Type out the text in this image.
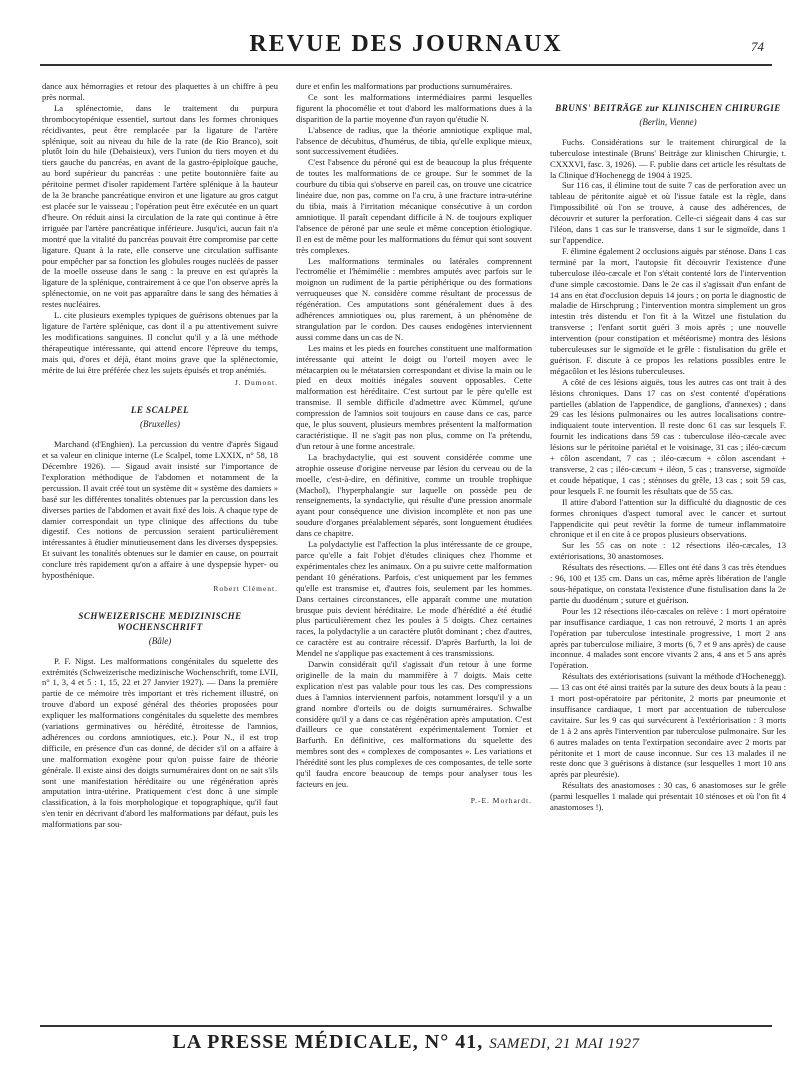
REVUE DES JOURNAUX	74

dance aux hémorragies et retour des plaquettes à un chiffre à peu près normal.

La splénectomie, dans le traitement du purpura thrombocytopénique essentiel, surtout dans les formes chroniques récidivantes, peut être remplacée par la ligature de l'artère splénique, soit au niveau du hile de la rate (de Rio Branco), soit plutôt loin du hile (Debaisieux), vers l'union du tiers moyen et du tiers gauche du pancréas, en avant de la gastro-épiploïque gauche, au bord supérieur du pancréas : une petite boutonnière faite au péritoine permet d'isoler rapidement l'artère splénique à la hauteur de la 3e branche pancréatique environ et une ligature au gros catgut est placée sur le vaisseau ; l'opération peut être exécutée en un quart d'heure. On réduit ainsi la circulation de la rate qui continue à être irriguée par l'artère pancréatique inférieure. Jusqu'ici, aucun fait n'a montré que la vitalité du pancréas pouvait être compromise par cette ligature. Quant à la rate, elle conserve une circulation suffisante pour empêcher par sa fonction les globules rouges nucléés de passer de la moelle osseuse dans le sang : la preuve en est qu'après la ligature de la splénique, contrairement à ce que l'on observe après la splénectomie, on ne voit pas apparaître dans le sang des hématies à restes nucléaires.

L. cite plusieurs exemples typiques de guérisons obtenues par la ligature de l'artère splénique, cas dont il a pu attentivement suivre les modifications sanguines. Il conclut qu'il y a là une méthode thérapeutique intéressante, qui attend encore l'épreuve du temps, mais qui, d'ores et déjà, étant moins grave que la splénectomie, mérite de lui être préférée chez les sujets épuisés et trop anémiés.

J. Dumont.
LE SCALPEL
(Bruxelles)

Marchand (d'Enghien). La percussion du ventre d'après Sigaud et sa valeur en clinique interne (Le Scalpel, tome LXXIX, n° 58, 18 Décembre 1926). — Sigaud avait insisté sur l'importance de l'exploration méthodique de l'abdomen et notamment de la percussion. Il avait créé tout un système dit « système des damiers » basé sur les différentes tonalités obtenues par la percussion dans les diverses parties de l'abdomen et avait fixé des lois. A chaque type de damier correspondait un type clinique des affections du tube digestif. Ces notions de percussion seraient particulièrement intéressantes à étudier minutieusement dans les diverses dyspepsies. Et suivant les tonalités obtenues sur le damier en cause, on pourrait conclure très rapidement qu'on a affaire à une dyspepsie hyper- ou hyposthénique.

Robert Clément.
SCHWEIZERISCHE MEDIZINISCHE WOCHENSCHRIFT
(Bâle)

P. F. Nigst. Les malformations congénitales du squelette des extrémités (Schweizerische medizinische Wochenschrift, tome LVII, n° 1, 3, 4 et 5 : 1, 15, 22 et 27 Janvier 1927). — Dans la première partie de ce mémoire très important et très richement illustré, on trouve d'abord un exposé général des théories proposées pour expliquer les malformations congénitales du squelette des membres (variations germinatives ou hérédité, étroitesse de l'amnios, adhérences ou cordons amniotiques, etc.). Pour N., il est trop difficile, en présence d'un cas donné, de décider s'il on a affaire à une malformation exogène pour qu'on puisse faire de théorie générale. Il existe ainsi des doigts surnuméraires dont on ne sait s'ils sont une manifestation héréditaire ou une régénération après amputation intra-utérine. Pratiquement c'est donc à une simple classification, à la fois morphologique et topographique, qu'il faut s'en tenir en décrivant d'abord les malformations par défaut, puis les malformations par sou-

dure et enfin les malformations par productions surnuméraires.

Ce sont les malformations intermédiaires parmi lesquelles figurent la phocomélie et tout d'abord les malformations dues à la disparition de la partie moyenne d'un rayon qu'étudie N.

L'absence de radius, que la théorie amniotique explique mal, l'absence de décubitus, d'humérus, de tibia, qu'elle explique mieux, sont successivement étudiées.

C'est l'absence du péroné qui est de beaucoup la plus fréquente de toutes les malformations de ce groupe. Sur le sommet de la courbure du tibia qui s'observe en pareil cas, on trouve une cicatrice linéaire due, non pas, comme on l'a cru, à une fracture intra-utérine du tibia, mais à l'irritation mécanique consécutive à un cordon amniotique. Il paraît cependant difficile à N. de toujours expliquer l'absence de péroné par une seule et même conception étiologique. Il en est de même pour les malformations du fémur qui sont souvent très complexes.

Les malformations terminales ou latérales comprennent l'ectromélie et l'hémimélie : membres amputés avec parfois sur le moignon un rudiment de la partie périphérique ou des formations verruqueuses que N. considère comme résultant de processus de régénération. Ces amputations sont généralement dues à des adhérences amniotiques ou, plus rarement, à un phénomène de strangulation par le cordon. Des causes endogènes interviennent aussi comme dans un cas de N.

Les mains et les pieds en fourches constituent une malformation intéressante qui atteint le doigt ou l'orteil moyen avec le métacarpien ou le métatarsien correspondant et divise la main ou le pied en deux moitiés inégales souvent opposables. Cette malformation est héréditaire. C'est surtout par le père qu'elle est transmise. Il semble difficile d'admettre avec Kümmel, qu'une compression de l'amnios soit toujours en cause dans ce cas, parce que, le plus souvent, plusieurs membres présentent la malformation caractéristique. Il ne s'agit pas non plus, comme on l'a prétendu, d'un retour à une forme ancestrale.

La brachydactylie, qui est souvent considérée comme une atrophie osseuse d'origine nerveuse par lésion du cerveau ou de la moelle, c'est-à-dire, en définitive, comme un trouble trophique (Machol), l'hyperphalangie sur laquelle on possède peu de renseignements, la syndactylie, qui résulte d'une pression anormale ayant pour conséquence une division incomplète et non pas une soudure d'organes préalablement séparés, sont longuement étudiées dans ce chapitre.

La polydactylie est l'affection la plus intéressante de ce groupe, parce qu'elle a fait l'objet d'études cliniques chez l'homme et expérimentales chez les animaux. On a pu suivre cette malformation pendant 10 générations. Parfois, c'est uniquement par les femmes qu'elle est transmise et, d'autres fois, seulement par les hommes. Dans certaines circonstances, elle apparaît comme une mutation brusque puis devient héréditaire. Le mode d'hérédité a été étudié plus particulièrement chez les poules à 5 doigts. Chez certaines races, la polydactylie a un caractère plutôt dominant ; chez d'autres, ce caractère est au contraire récessif. D'après Barfurth, la loi de Mendel ne s'applique pas exactement à ces transmissions.

Darwin considérait qu'il s'agissait d'un retour à une forme originelle de la main du mammifère à 7 doigts. Mais cette explication n'est pas valable pour tous les cas. Des compressions dues à l'amnios interviennent parfois, notamment lorsqu'il y a un grand nombre d'orteils ou de doigts surnuméraires. Schwalbe considère qu'il y a dans ce cas régénération après amputation. C'est d'ailleurs ce que constatèrent expérimentalement Tornier et Barfurth. En définitive, ces malformations du squelette des membres sont des « complexes de composantes ». Les variations et l'hérédité sont les plus complexes de ces composantes, de telle sorte qu'il faudra encore beaucoup de temps pour analyser tous les facteurs en jeu.

P.-E. Morhardt.
BRUNS' BEITRÄGE zur KLINISCHEN CHIRURGIE
(Berlin, Vienne)

Fuchs. Considérations sur le traitement chirurgical de la tuberculose intestinale (Bruns' Beiträge zur klinischen Chirurgie, t. CXXXVI, fasc. 3, 1926). — F. publie dans cet article les résultats de la Clinique d'Hochenegg de 1904 à 1925.

Sur 116 cas, il élimine tout de suite 7 cas de perforation avec un tableau de péritonite aiguë et où l'issue fatale est la règle, dans l'impossibilité où l'on se trouve, à cause des adhérences, de découvrir et suturer la perforation. Celle-ci siégeait dans 4 cas sur l'iléon, dans 1 cas sur le transverse, dans 1 sur le sigmoïde, dans 1 sur l'appendice.

F. élimine également 2 occlusions aiguës par sténose. Dans 1 cas terminé par la mort, l'autopsie fit découvrir l'existence d'une tuberculose iléo-cæcale et l'on s'était contenté lors de l'intervention d'une simple cæcostomie. Dans le 2e cas il s'agissait d'un enfant de 14 ans en état d'occlusion depuis 14 jours ; on porta le diagnostic de maladie de Hirschprung ; l'intervention montra simplement un gros intestin très distendu et l'on fit à la Witzel une fistulation du transverse ; l'enfant sortit guéri 3 mois après ; une nouvelle intervention (pour constipation et météorisme) montra des lésions tuberculeuses sur le sigmoïde et le grêle : fistulisation du grêle et guérison. F. discute à ce propos les relations possibles entre le mégacôlon et les lésions tuberculeuses.

A côté de ces lésions aiguës, tous les autres cas ont trait à des lésions chroniques. Dans 17 cas on s'est contenté d'opérations partielles (ablation de l'appendice, de ganglions, d'annexes) ; dans 29 cas les lésions pulmonaires ou les autres localisations contre-indiquaient toute intervention. Il reste donc 61 cas sur lesquels F. fournit les indications dans 59 cas : tuberculose iléo-cæcale avec lésions sur le péritoine pariétal et le voisinage, 31 cas ; iléo-cæcum + côlon ascendant, 7 cas ; iléo-cæcum + côlon ascendant + transverse, 2 cas ; iléo-cæcum + iléon, 5 cas ; transverse, sigmoïde et coude hépatique, 1 cas ; sténoses du grêle, 13 cas ; soit 59 cas, pour lesquels F. ne fournit les résultats que de 55 cas.

Il attire d'abord l'attention sur la difficulté du diagnostic de ces formes chroniques d'aspect tumoral avec le cancer et surtout l'appendicite qui peut revêtir la forme de tumeur inflammatoire chronique et il en cite à ce propos plusieurs observations.

Sur les 55 cas on note : 12 résections iléo-cæcales, 13 extériorisations, 30 anastomoses.

Résultats des résections. — Elles ont été dans 3 cas très étendues : 96, 100 et 135 cm. Dans un cas, même après libération de l'angle sous-hépatique, on constata l'existence d'une fistulisation dans la 2e partie du duodénum ; suture et guérison.

Pour les 12 résections iléo-cæcales on relève : 1 mort opératoire par insuffisance cardiaque, 1 cas non retrouvé, 2 morts 1 an après l'opération par tuberculose intestinale progressive, 1 mort 2 ans après par tuberculose miliaire, 3 morts (6, 7 et 9 ans après) de cause inconnue. 4 malades sont encore vivants 2 ans, 4 ans et 5 ans après l'opération.

Résultats des extériorisations (suivant la méthode d'Hochenegg). — 13 cas ont été ainsi traités par la suture des deux bouts à la peau : 1 mort post-opératoire par péritonite, 2 morts par pneumonie et insuffisance cardiaque, 1 mort par accentuation de tuberculose cavitaire. Sur les 9 cas qui survécurent à l'extériorisation : 3 morts de 1 à 2 ans après l'intervention par tuberculose pulmonaire. Sur les 6 autres malades on tenta l'extirpation secondaire avec 2 morts par péritonite et 1 mort de cause inconnue. Sur ces 13 malades il ne reste donc que 3 guérisons à distance (sur lesquelles 1 mort 10 ans après par pleurésie).

Résultats des anastomoses : 30 cas, 6 anastomoses sur le grêle (parmi lesquelles 1 malade qui présentait 10 sténoses et où l'on fit 4 anastomoses !).

LA PRESSE MÉDICALE, N° 41, SAMEDI, 21 MAI 1927
